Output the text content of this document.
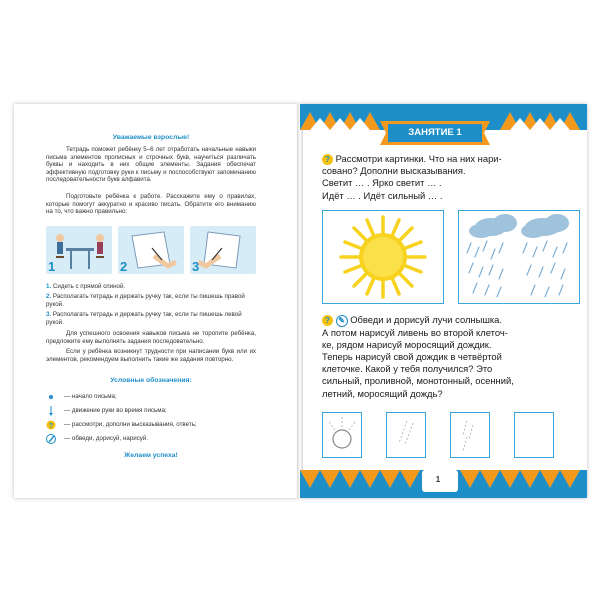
Уважаемые взрослые!
Тетрадь поможет ребёнку 5–6 лет отработать начальные навыки письма элементов прописных и строчных букв, научиться различать буквы и находить в них общие элементы. Задания обеспечат эффективную подготовку руки к письму и поспособствуют запоминанию последовательности букв алфавита.
Подготовьте ребёнка к работе. Расскажите ему о правилах, которые помогут аккуратно и красиво писать. Обратите его вниманию на то, что важно правильно:
1	2	3
1. Сидеть с прямой спиной.
2. Располагать тетрадь и держать ручку так, если ты пишешь правой рукой.
3. Располагать тетрадь и держать ручку так, если ты пишешь левой рукой.
Для успешного освоения навыков письма не торопите ребёнка, предложите ему выполнять задания последовательно.
Если у ребёнка возникнут трудности при написании букв или их элементов, рекомендуем выполнить такие же задания повторно.
Условные обозначения:
— начало письма;
— движение руки во время письма;
? — рассмотри, дополни высказывания, ответь;
— обведи, дорисуй, нарисуй.
Желаем успеха!
ЗАНЯТИЕ 1
? Рассмотри картинки. Что на них нари-
совано? Дополни высказывания.
Светит … . Ярко светит … .
Идёт … . Идёт сильный … .
? ✎ Обведи и дорисуй лучи солнышка.
А потом нарисуй ливень во второй клеточ-
ке, рядом нарисуй моросящий дождик.
Теперь нарисуй свой дождик в четвёртой
клеточке. Какой у тебя получился? Это
сильный, проливной, монотонный, осенний,
летний, моросящий дождь?
1
